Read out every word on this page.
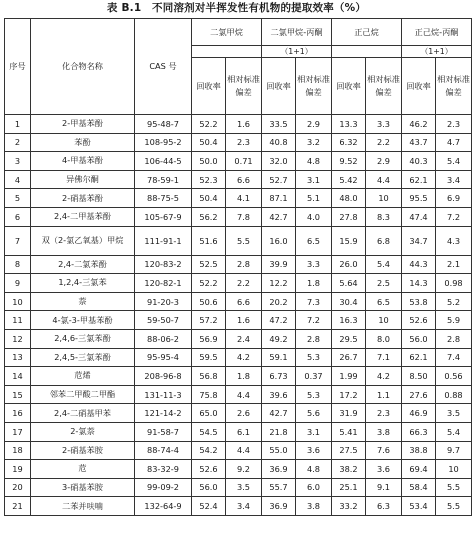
表 B.1　不同溶剂对半挥发性有机物的提取效率（%）
序号	化合物名称	CAS 号	二氯甲烷		二氯甲烷-丙酮		正己烷		正己烷-丙酮	
					（1+1）				（1+1）	
			回收率	相对标准偏差	回收率	相对标准偏差	回收率	相对标准偏差	回收率	相对标准偏差
1	2-甲基苯酚	95-48-7	52.2	1.6	33.5	2.9	13.3	3.3	46.2	2.3
2	苯酚	108-95-2	50.4	2.3	40.8	3.2	6.32	2.2	43.7	4.7
3	4-甲基苯酚	106-44-5	50.0	0.71	32.0	4.8	9.52	2.9	40.3	5.4
4	异佛尔酮	78-59-1	52.3	6.6	52.7	3.1	5.42	4.4	62.1	3.4
5	2-硝基苯酚	88-75-5	50.4	4.1	87.1	5.1	48.0	10	95.5	6.9
6	2,4-二甲基苯酚	105-67-9	56.2	7.8	42.7	4.0	27.8	8.3	47.4	7.2
7	双（2-氯乙氧基）甲烷	111-91-1	51.6	5.5	16.0	6.5	15.9	6.8	34.7	4.3
8	2,4-二氯苯酚	120-83-2	52.5	2.8	39.9	3.3	26.0	5.4	44.3	2.1
9	1,2,4-三氯苯	120-82-1	52.2	2.2	12.2	1.8	5.64	2.5	14.3	0.98
10	萘	91-20-3	50.6	6.6	20.2	7.3	30.4	6.5	53.8	5.2
11	4-氯-3-甲基苯酚	59-50-7	57.2	1.6	47.2	7.2	16.3	10	52.6	5.9
12	2,4,6-三氯苯酚	88-06-2	56.9	2.4	49.2	2.8	29.5	8.0	56.0	2.8
13	2,4,5-三氯苯酚	95-95-4	59.5	4.2	59.1	5.3	26.7	7.1	62.1	7.4
14	苊烯	208-96-8	56.8	1.8	6.73	0.37	1.99	4.2	8.50	0.56
15	邻苯二甲酸二甲酯	131-11-3	75.8	4.4	39.6	5.3	17.2	1.1	27.6	0.88
16	2,4-二硝基甲苯	121-14-2	65.0	2.6	42.7	5.6	31.9	2.3	46.9	3.5
17	2-氯萘	91-58-7	54.5	6.1	21.8	3.1	5.41	3.8	66.3	5.4
18	2-硝基苯胺	88-74-4	54.2	4.4	55.0	3.6	27.5	7.6	38.8	9.7
19	苊	83-32-9	52.6	9.2	36.9	4.8	38.2	3.6	69.4	10
20	3-硝基苯胺	99-09-2	56.0	3.5	55.7	6.0	25.1	9.1	58.4	5.5
21	二苯并呋喃	132-64-9	52.4	3.4	36.9	3.8	33.2	6.3	53.4	5.5
